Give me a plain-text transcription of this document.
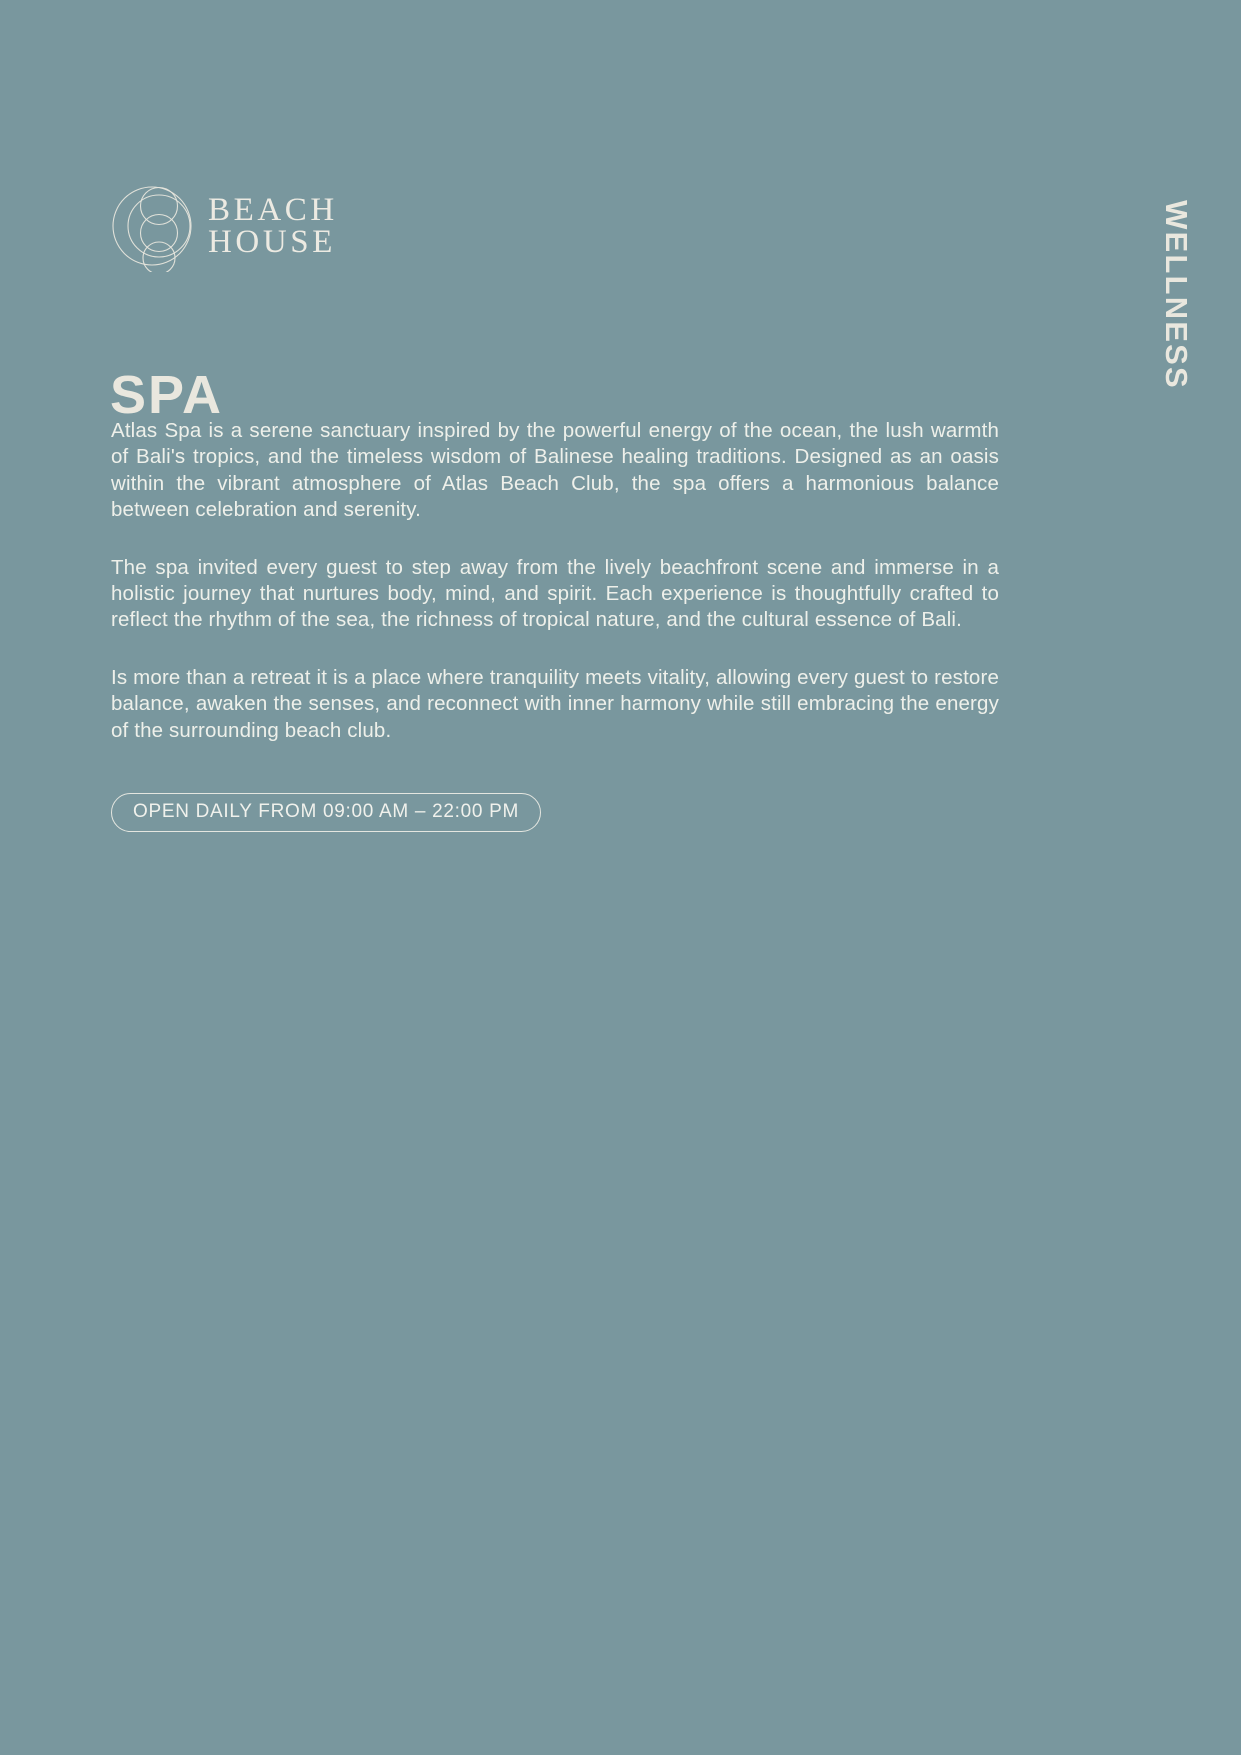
WELLNESS
BEACH
HOUSE
SPA

Atlas Spa is a serene sanctuary inspired by the powerful energy of the ocean, the lush warmth of Bali's tropics, and the timeless wisdom of Balinese healing traditions. Designed as an oasis within the vibrant atmosphere of Atlas Beach Club, the spa offers a harmonious balance between celebration and serenity.

The spa invited every guest to step away from the lively beachfront scene and immerse in a holistic journey that nurtures body, mind, and spirit. Each experience is thoughtfully crafted to reflect the rhythm of the sea, the richness of tropical nature, and the cultural essence of Bali.

Is more than a retreat it is a place where tranquility meets vitality, allowing every guest to restore balance, awaken the senses, and reconnect with inner harmony while still embracing the energy of the surrounding beach club.

OPEN DAILY FROM 09:00 AM – 22:00 PM
